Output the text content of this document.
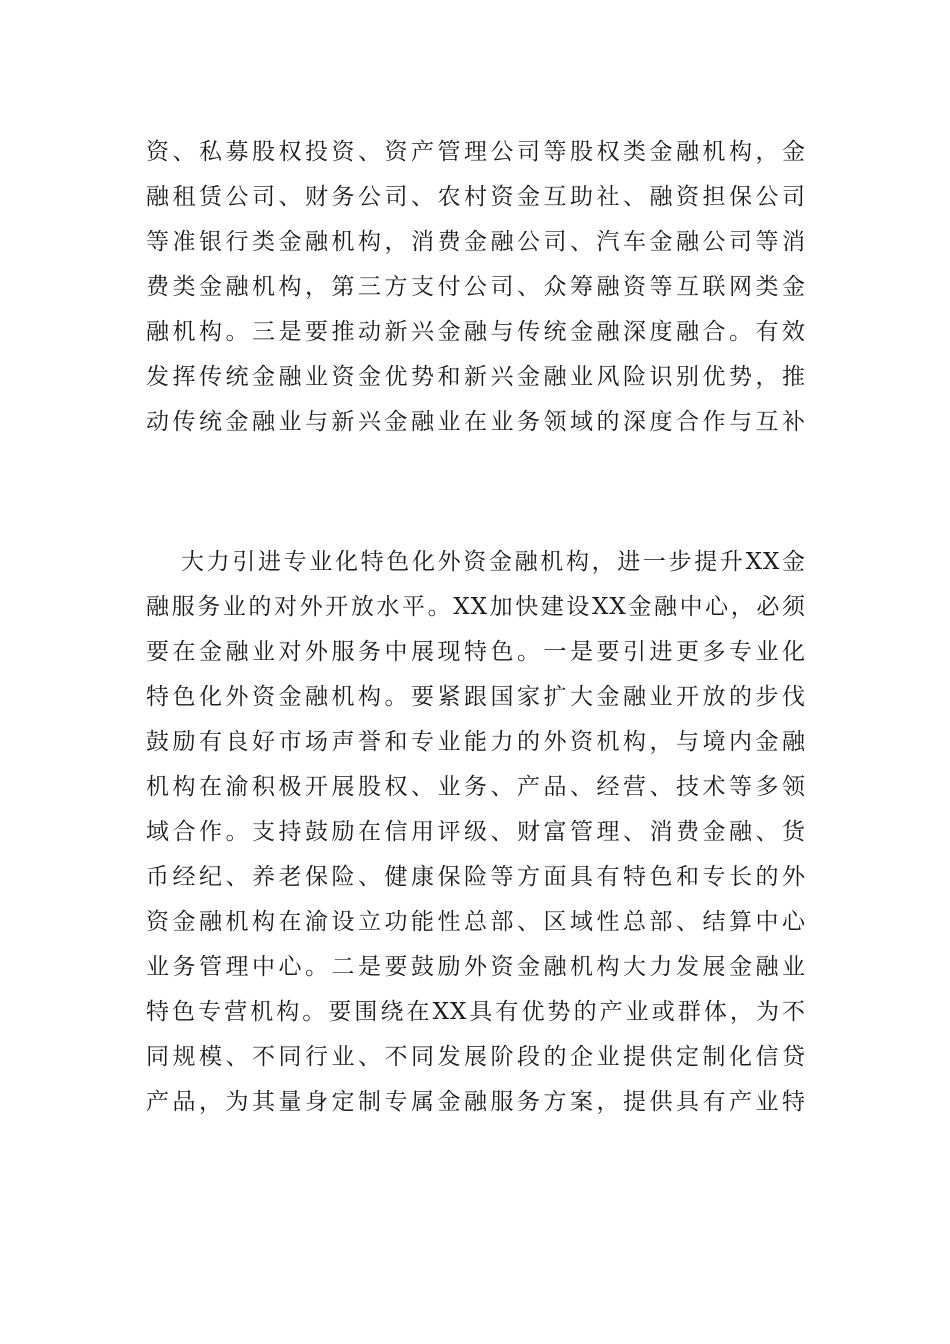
资、私募股权投资、资产管理公司等股权类金融机构，金
融租赁公司、财务公司、农村资金互助社、融资担保公司
等准银行类金融机构，消费金融公司、汽车金融公司等消
费类金融机构，第三方支付公司、众筹融资等互联网类金
融机构。三是要推动新兴金融与传统金融深度融合。有效
发挥传统金融业资金优势和新兴金融业风险识别优势，推
动传统金融业与新兴金融业在业务领域的深度合作与互补
大力引进专业化特色化外资金融机构，进一步提升XX金
融服务业的对外开放水平。XX加快建设XX金融中心，必须
要在金融业对外服务中展现特色。一是要引进更多专业化
特色化外资金融机构。要紧跟国家扩大金融业开放的步伐
鼓励有良好市场声誉和专业能力的外资机构，与境内金融
机构在渝积极开展股权、业务、产品、经营、技术等多领
域合作。支持鼓励在信用评级、财富管理、消费金融、货
币经纪、养老保险、健康保险等方面具有特色和专长的外
资金融机构在渝设立功能性总部、区域性总部、结算中心
业务管理中心。二是要鼓励外资金融机构大力发展金融业
特色专营机构。要围绕在XX具有优势的产业或群体，为不
同规模、不同行业、不同发展阶段的企业提供定制化信贷
产品，为其量身定制专属金融服务方案，提供具有产业特
